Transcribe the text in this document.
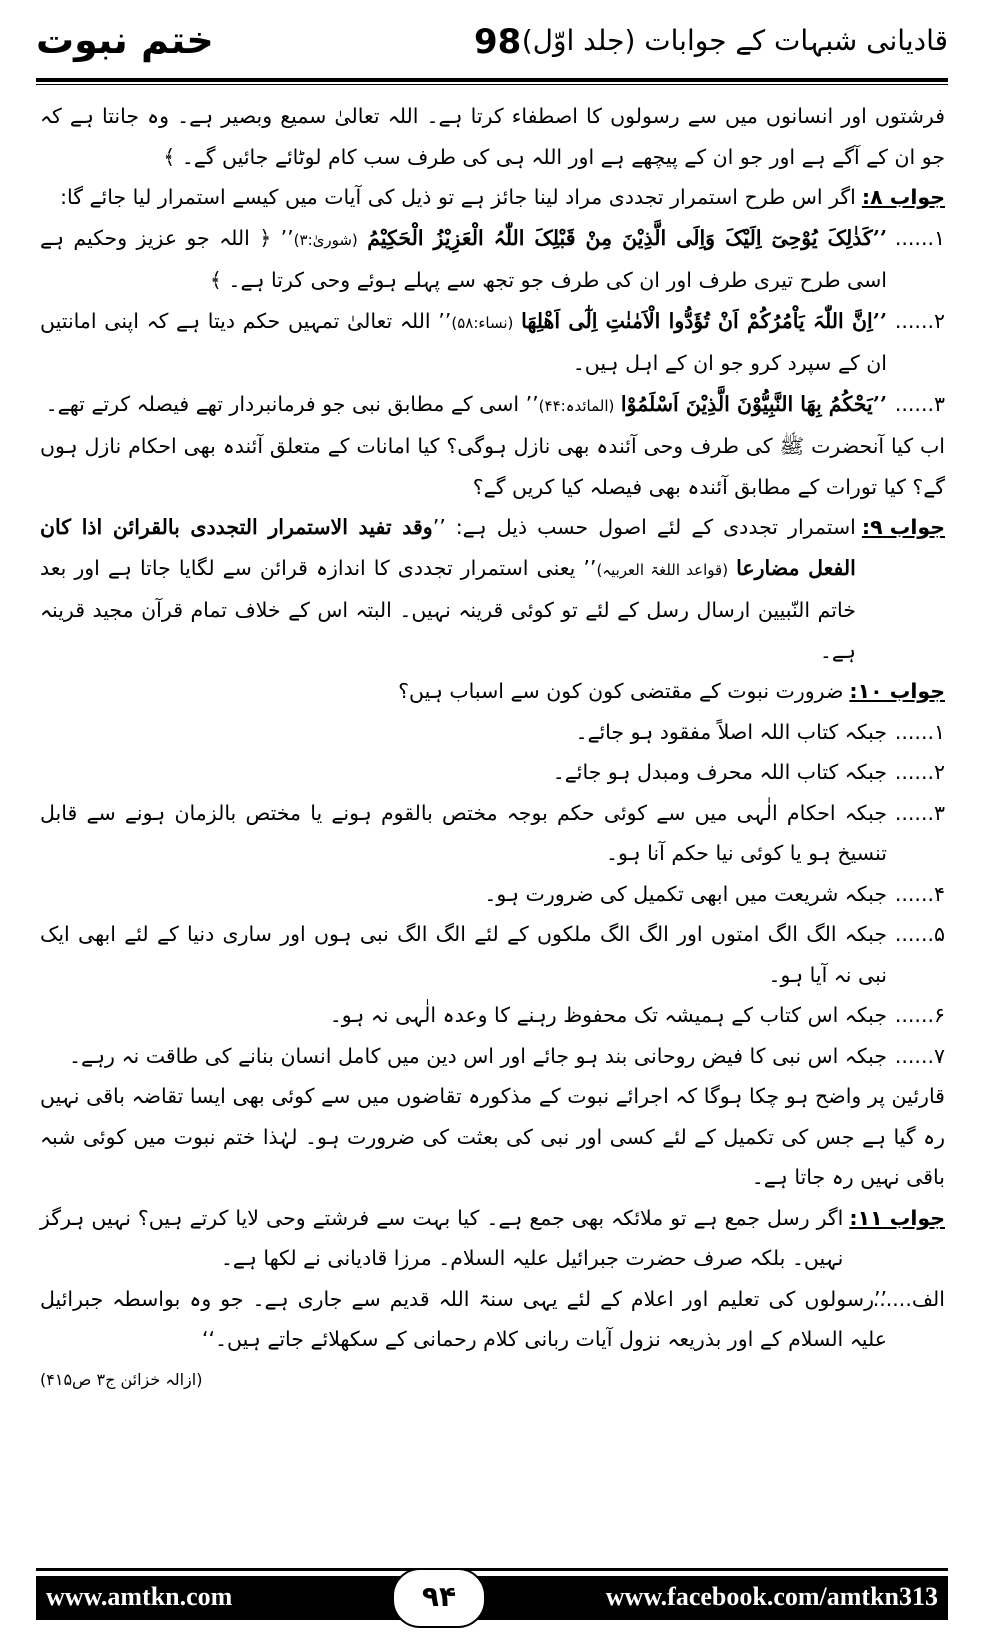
ختم نبوت	98 قادیانی شبہات کے جوابات (جلد اوّل)

فرشتوں اور انسانوں میں سے رسولوں کا اصطفاء کرتا ہے۔ اللہ تعالیٰ سمیع وبصیر ہے۔ وہ جانتا ہے کہ جو ان کے آگے ہے اور جو ان کے پیچھے ہے اور اللہ ہی کی طرف سب کام لوٹائے جائیں گے۔ ﴾

جواب ۸:
اگر اس طرح استمرار تجددی مراد لینا جائز ہے تو ذیل کی آیات میں کیسے استمرار لیا جائے گا:
۱......
’’کَذٰلِکَ یُوْحِیٓ اِلَیْکَ وَاِلَی الَّذِیْنَ مِنْ قَبْلِکَ اللّٰہُ الْعَزِیْزُ الْحَکِیْمُ (شوریٰ:۳)’’ ﴿ اللہ جو عزیز وحکیم ہے اسی طرح تیری طرف اور ان کی طرف جو تجھ سے پہلے ہوئے وحی کرتا ہے۔ ﴾
۲......
’’اِنَّ اللّٰہَ یَاْمُرُکُمْ اَنْ تُؤَدُّوا الْاَمٰنٰتِ اِلٰٓی اَھْلِھَا (نساء:۵۸)’’ اللہ تعالیٰ تمہیں حکم دیتا ہے کہ اپنی امانتیں ان کے سپرد کرو جو ان کے اہل ہیں۔
۳......
’’یَحْکُمُ بِھَا النَّبِیُّوْنَ الَّذِیْنَ اَسْلَمُوْا (المائدہ:۴۴)’’ اسی کے مطابق نبی جو فرمانبردار تھے فیصلہ کرتے تھے۔

اب کیا آنحضرت ﷺ کی طرف وحی آئندہ بھی نازل ہوگی؟ کیا امانات کے متعلق آئندہ بھی احکام نازل ہوں گے؟ کیا تورات کے مطابق آئندہ بھی فیصلہ کیا کریں گے؟

جواب ۹:
استمرار تجددی کے لئے اصول حسب ذیل ہے: ’’وقد تفید الاستمرار التجددی بالقرائن اذا کان الفعل مضارعا (قواعد اللغۃ العربیہ)’’ یعنی استمرار تجددی کا اندازہ قرائن سے لگایا جاتا ہے اور بعد خاتم النّبیین ارسال رسل کے لئے تو کوئی قرینہ نہیں۔ البتہ اس کے خلاف تمام قرآن مجید قرینہ ہے۔
جواب ۱۰:
ضرورت نبوت کے مقتضی کون کون سے اسباب ہیں؟
۱......
جبکہ کتاب اللہ اصلاً مفقود ہو جائے۔
۲......
جبکہ کتاب اللہ محرف ومبدل ہو جائے۔
۳......
جبکہ احکام الٰہی میں سے کوئی حکم بوجہ مختص بالقوم ہونے یا مختص بالزمان ہونے سے قابل تنسیخ ہو یا کوئی نیا حکم آنا ہو۔
۴......
جبکہ شریعت میں ابھی تکمیل کی ضرورت ہو۔
۵......
جبکہ الگ الگ امتوں اور الگ الگ ملکوں کے لئے الگ الگ نبی ہوں اور ساری دنیا کے لئے ابھی ایک نبی نہ آیا ہو۔
۶......
جبکہ اس کتاب کے ہمیشہ تک محفوظ رہنے کا وعدہ الٰہی نہ ہو۔
۷......
جبکہ اس نبی کا فیض روحانی بند ہو جائے اور اس دین میں کامل انسان بنانے کی طاقت نہ رہے۔

قارئین پر واضح ہو چکا ہوگا کہ اجرائے نبوت کے مذکورہ تقاضوں میں سے کوئی بھی ایسا تقاضہ باقی نہیں رہ گیا ہے جس کی تکمیل کے لئے کسی اور نبی کی بعثت کی ضرورت ہو۔ لہٰذا ختم نبوت میں کوئی شبہ باقی نہیں رہ جاتا ہے۔

جواب ۱۱:
اگر رسل جمع ہے تو ملائکہ بھی جمع ہے۔ کیا بہت سے فرشتے وحی لایا کرتے ہیں؟ نہیں ہرگز نہیں۔ بلکہ صرف حضرت جبرائیل علیہ السلام۔ مرزا قادیانی نے لکھا ہے۔
الف......
’’رسولوں کی تعلیم اور اعلام کے لئے یہی سنۃ اللہ قدیم سے جاری ہے۔ جو وہ بواسطہ جبرائیل علیہ السلام کے اور بذریعہ نزول آیات ربانی کلام رحمانی کے سکھلائے جاتے ہیں۔‘‘
(ازالہ خزائن ج۳ ص۴۱۵)
www.amtkn.com	۹۴	www.facebook.com/amtkn313
